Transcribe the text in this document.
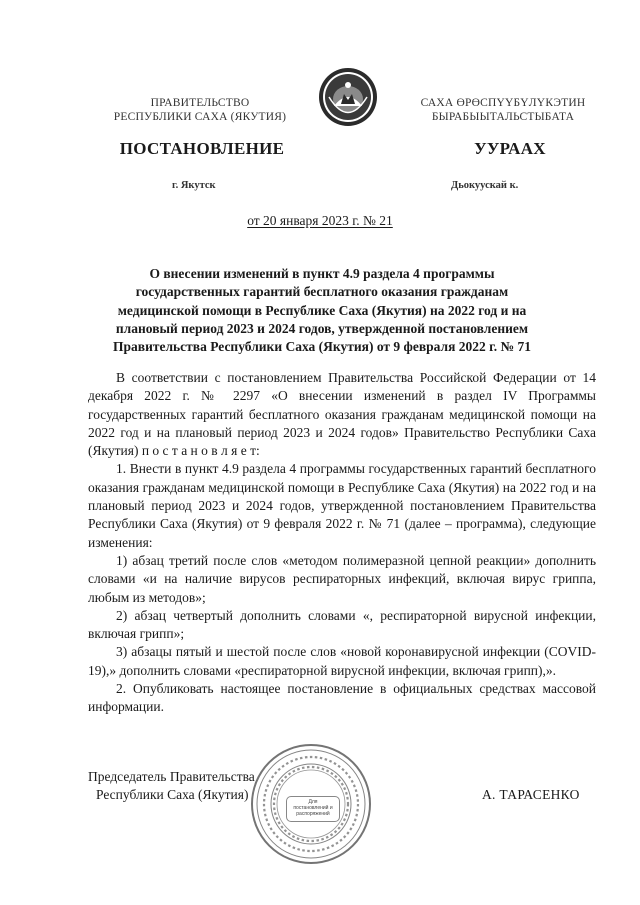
ПРАВИТЕЛЬСТВО
РЕСПУБЛИКИ САХА (ЯКУТИЯ)
САХА ӨРӨСПҮҮБҮЛҮКЭТИН
БЫРАБЫЫТАЛЬСТЫБАТА
ПОСТАНОВЛЕНИЕ	УУРААХ
г. Якутск	Дьокуускай к.
от 20 января 2023 г. № 21
О внесении изменений в пункт 4.9 раздела 4 программы государственных гарантий бесплатного оказания гражданам медицинской помощи в Республике Саха (Якутия) на 2022 год и на плановый период 2023 и 2024 годов, утвержденной постановлением Правительства Республики Саха (Якутия) от 9 февраля 2022 г. № 71

В соответствии с постановлением Правительства Российской Федерации от 14 декабря 2022 г. № 2297 «О внесении изменений в раздел IV Программы государственных гарантий бесплатного оказания гражданам медицинской помощи на 2022 год и на плановый период 2023 и 2024 годов» Правительство Республики Саха (Якутия) п о с т а н о в л я е т:

1. Внести в пункт 4.9 раздела 4 программы государственных гарантий бесплатного оказания гражданам медицинской помощи в Республике Саха (Якутия) на 2022 год и на плановый период 2023 и 2024 годов, утвержденной постановлением Правительства Республики Саха (Якутия) от 9 февраля 2022 г. № 71 (далее – программа), следующие изменения:

1) абзац третий после слов «методом полимеразной цепной реакции» дополнить словами «и на наличие вирусов респираторных инфекций, включая вирус гриппа, любым из методов»;

2) абзац четвертый дополнить словами «, респираторной вирусной инфекции, включая грипп»;

3) абзацы пятый и шестой после слов «новой коронавирусной инфекции (COVID-19),» дополнить словами «респираторной вирусной инфекции, включая грипп),».

2. Опубликовать настоящее постановление в официальных средствах массовой информации.

Председатель Правительства
Республики Саха (Якутия)	Для
постановлений и
распоряжений
А. ТАРАСЕНКО
